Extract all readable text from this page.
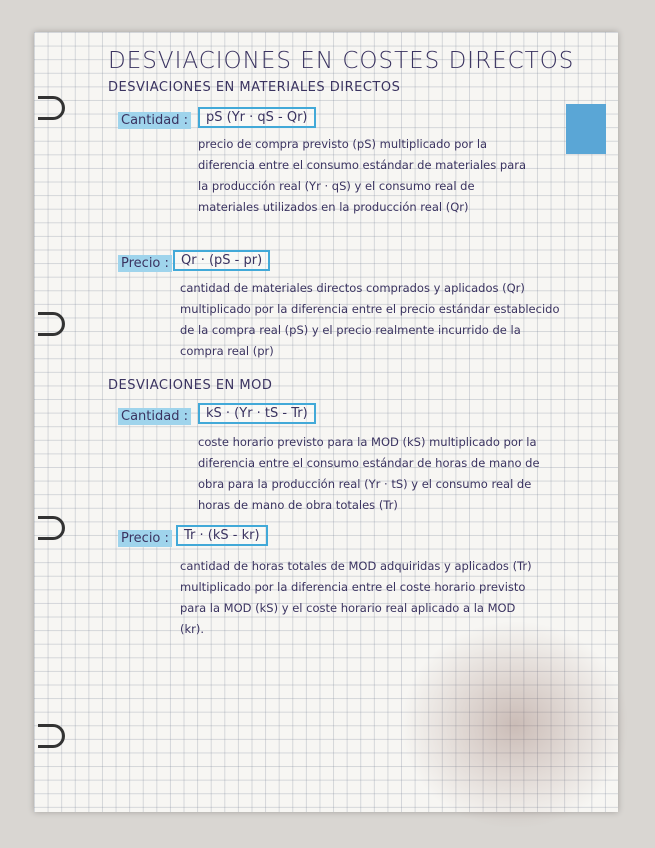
DESVIACIONES EN COSTES DIRECTOS
DESVIACIONES EN MATERIALES DIRECTOS
Cantidad :	pS (Yr · qS - Qr)
precio de compra previsto (pS) multiplicado por la diferencia entre el consumo estándar de materiales para la producción real (Yr · qS) y el consumo real de materiales utilizados en la producción real (Qr)
Precio : Qr · (pS - pr)
cantidad de materiales directos comprados y aplicados (Qr) multiplicado por la diferencia entre el precio estándar establecido de la compra real (pS) y el precio realmente incurrido de la compra real (pr)
DESVIACIONES EN MOD
Cantidad :	kS · (Yr · tS - Tr)
coste horario previsto para la MOD (kS) multiplicado por la diferencia entre el consumo estándar de horas de mano de obra para la producción real (Yr · tS) y el consumo real de horas de mano de obra totales (Tr)
Precio :	Tr · (kS - kr)
cantidad de horas totales de MOD adquiridas y aplicados (Tr) multiplicado por la diferencia entre el coste horario previsto para la MOD (kS) y el coste horario real aplicado a la MOD (kr).
